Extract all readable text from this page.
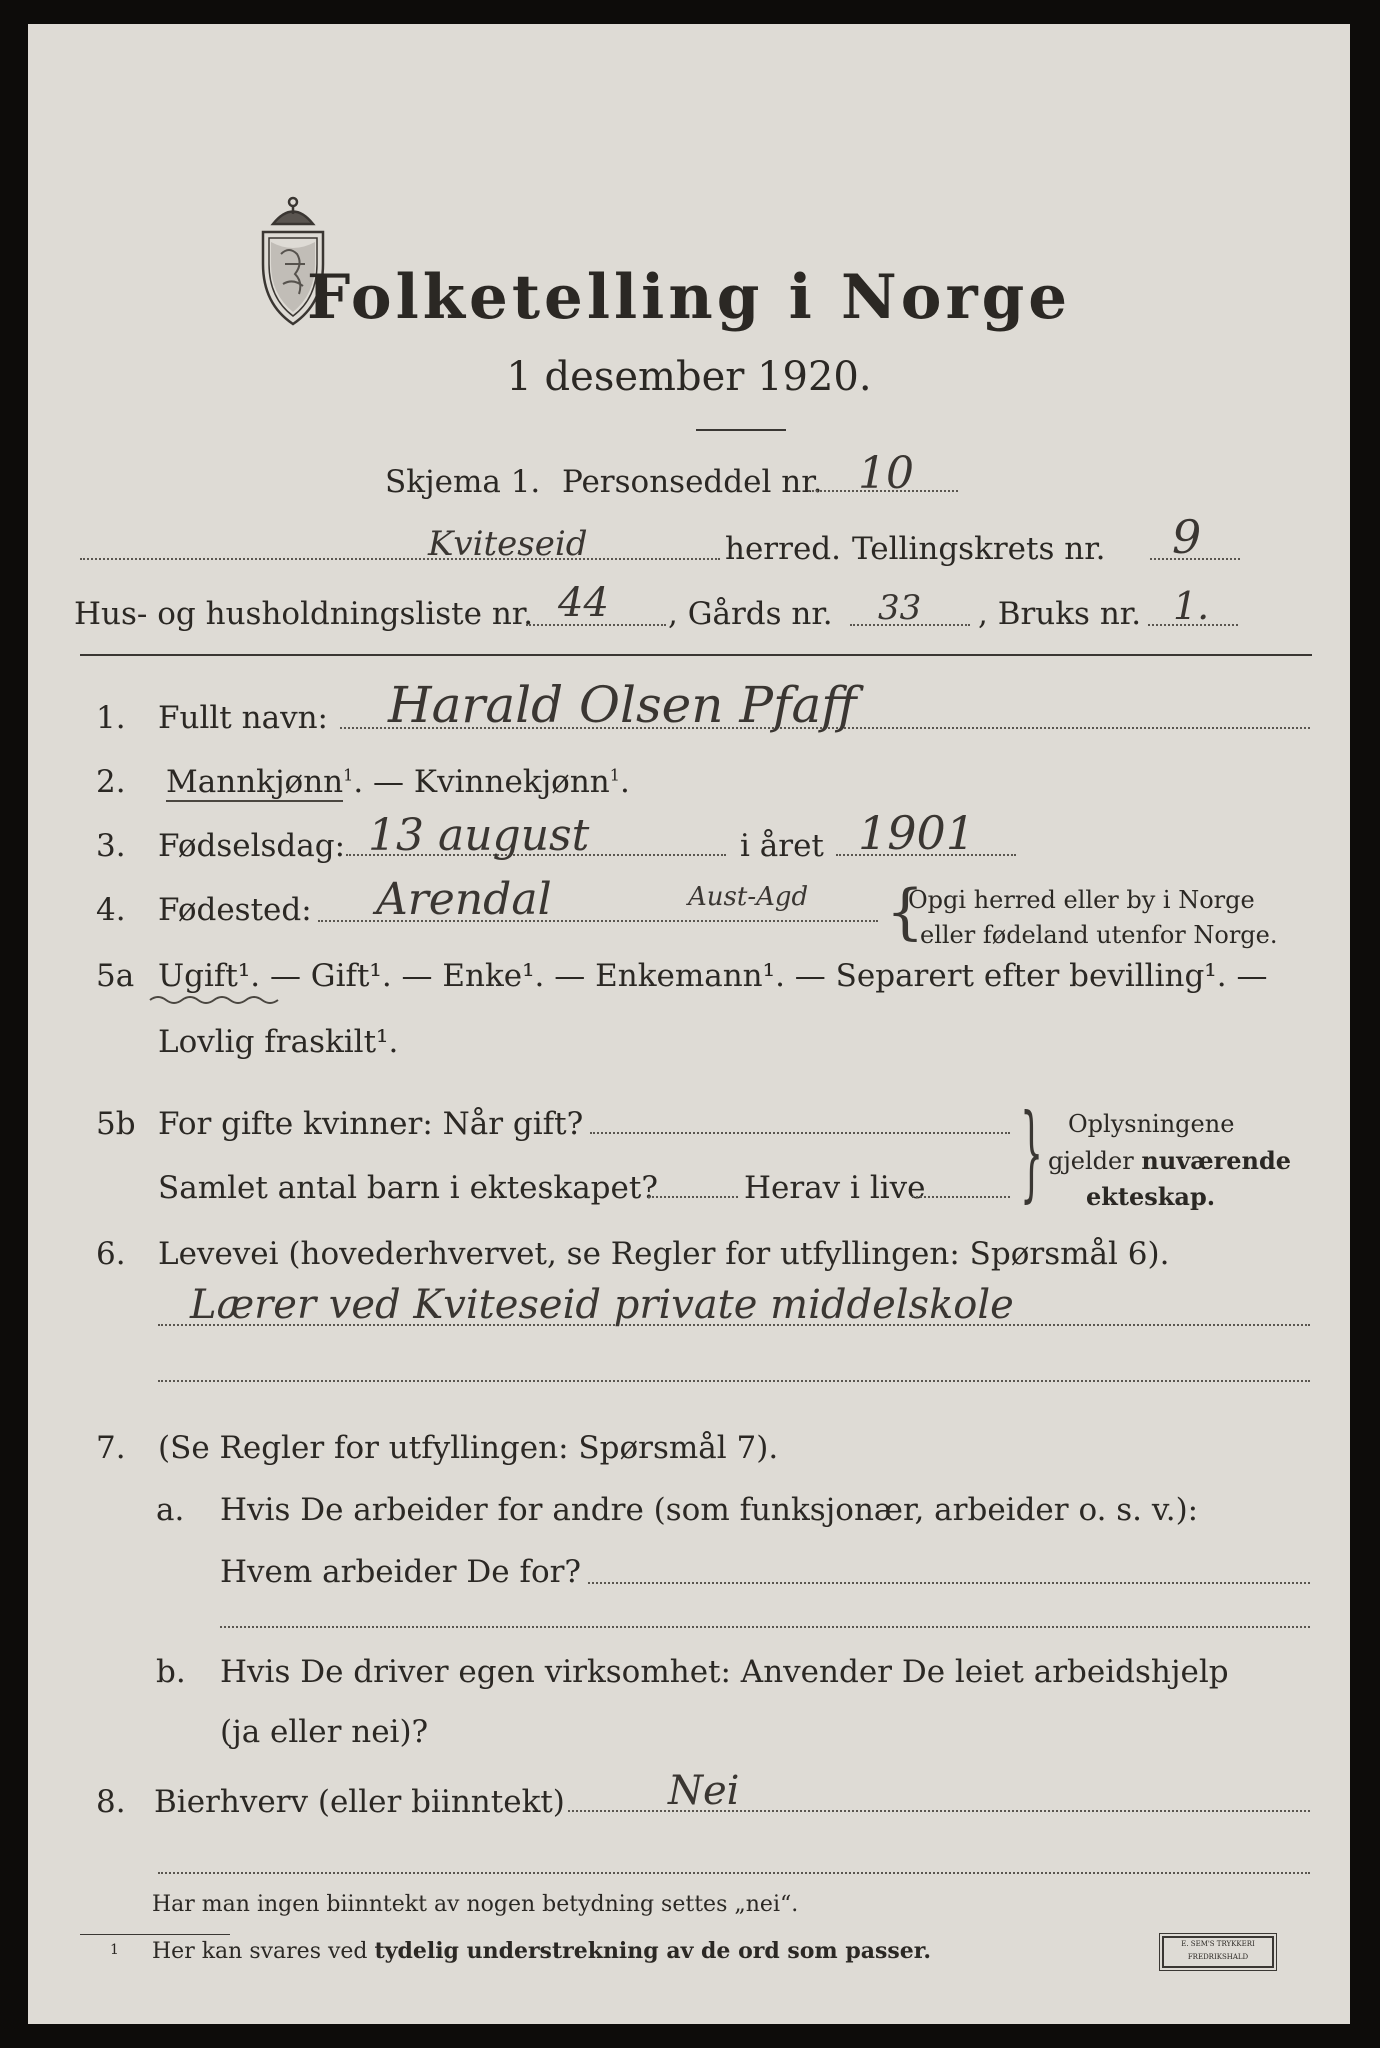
Folketelling i Norge
1 desember 1920.
Skjema 1. Personseddel nr. 10
Kviteseid	herred. Tellingskrets nr. 9
Hus- og husholdningsliste nr. 44 , Gårds nr. 33 , Bruks nr. 1.
1. Fullt navn: Harald Olsen Pfaff
2. Mannkjønn$^1$. — Kvinnekjønn$^1$.
3. Fødselsdag: 13 august	i året 1901
4. Fødested: Arendal	Aust-Agd {
Opgi herred eller by i Norge
eller fødeland utenfor Norge.
5a Ugift¹. — Gift¹. — Enke¹. — Enkemann¹. — Separert efter bevilling¹. —
Lovlig fraskilt¹.
5b For gifte kvinner: Når gift?
Samlet antal barn i ekteskapet?	Herav i live } Oplysningene
gjelder nuværende
ekteskap.
6. Levevei (hovederhvervet, se Regler for utfyllingen: Spørsmål 6).
Lærer ved Kviteseid private middelskole
7. (Se Regler for utfyllingen: Spørsmål 7).
a. Hvis De arbeider for andre (som funksjonær, arbeider o. s. v.):
Hvem arbeider De for?
b. Hvis De driver egen virksomhet: Anvender De leiet arbeidshjelp
(ja eller nei)?
8. Bierhverv (eller biinntekt)	Nei
Har man ingen biinntekt av nogen betydning settes „nei“.
1 Her kan svares ved tydelig understrekning av de ord som passer.	E. SEM'S TRYKKERI FREDRIKSHALD
